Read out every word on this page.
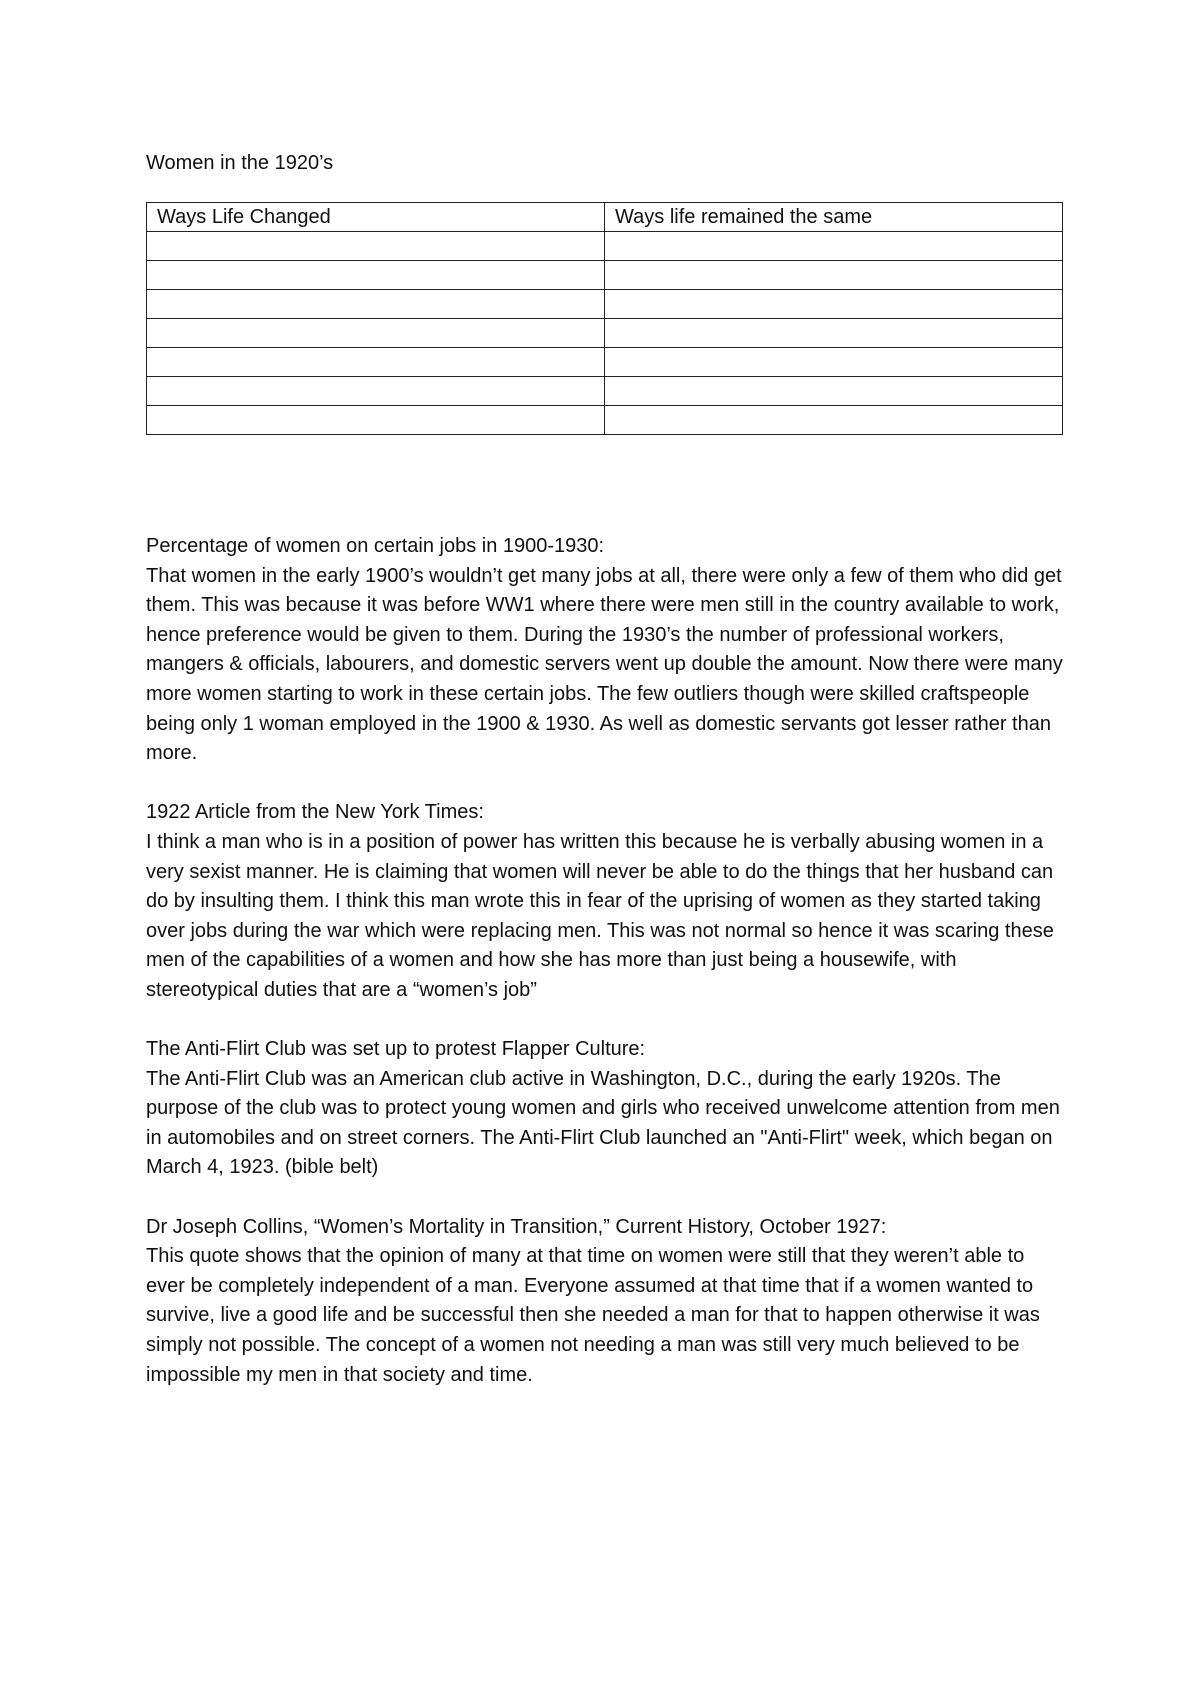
Women in the 1920’s
Ways Life Changed	Ways life remained the same

Percentage of women on certain jobs in 1900-1930:

That women in the early 1900’s wouldn’t get many jobs at all, there were only a few of them who did get them. This was because it was before WW1 where there were men still in the country available to work, hence preference would be given to them. During the 1930’s the number of professional workers, mangers & officials, labourers, and domestic servers went up double the amount. Now there were many more women starting to work in these certain jobs. The few outliers though were skilled craftspeople being only 1 woman employed in the 1900 & 1930. As well as domestic servants got lesser rather than more.

1922 Article from the New York Times:

I think a man who is in a position of power has written this because he is verbally abusing women in a very sexist manner. He is claiming that women will never be able to do the things that her husband can do by insulting them. I think this man wrote this in fear of the uprising of women as they started taking over jobs during the war which were replacing men. This was not normal so hence it was scaring these men of the capabilities of a women and how she has more than just being a housewife, with stereotypical duties that are a “women’s job”

The Anti-Flirt Club was set up to protest Flapper Culture:

The Anti-Flirt Club was an American club active in Washington, D.C., during the early 1920s. The purpose of the club was to protect young women and girls who received unwelcome attention from men in automobiles and on street corners. The Anti-Flirt Club launched an "Anti-Flirt" week, which began on March 4, 1923. (bible belt)

Dr Joseph Collins, “Women’s Mortality in Transition,” Current History, October 1927:

This quote shows that the opinion of many at that time on women were still that they weren’t able to ever be completely independent of a man. Everyone assumed at that time that if a women wanted to survive, live a good life and be successful then she needed a man for that to happen otherwise it was simply not possible. The concept of a women not needing a man was still very much believed to be impossible my men in that society and time.
